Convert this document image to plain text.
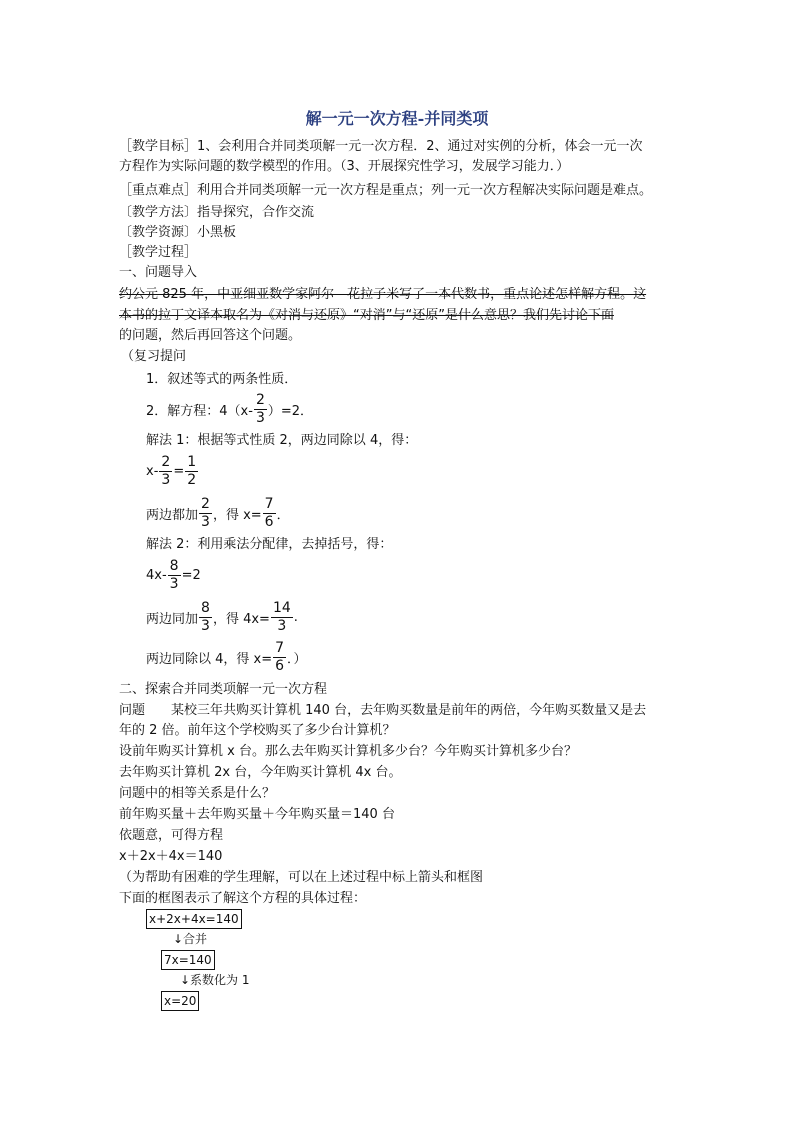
解一元一次方程-并同类项
［教学目标］1、会利用合并同类项解一元一次方程．2、通过对实例的分析，体会一元一次
方程作为实际问题的数学模型的作用。（3、开展探究性学习，发展学习能力．）
［重点难点］利用合并同类项解一元一次方程是重点；列一元一次方程解决实际问题是难点。
〔教学方法〕指导探究，合作交流
〔教学资源〕小黑板
［教学过程］
一、问题导入
约公元 825 年，中亚细亚数学家阿尔—花拉子米写了一本代数书，重点论述怎样解方程。这
本书的拉丁文译本取名为《对消与还原》“对消”与“还原”是什么意思？我们先讨论下面
的问题，然后再回答这个问题。
（复习提问
1．叙述等式的两条性质．
2．解方程：$4(x- \frac{2}{3} )=2$．
解法 1：根据等式性质 2，两边同除以 4，得：
$x- \frac{2}{3} = \frac{1}{2}$
两边都加 $\frac{2}{3}$ ，得 $x= \frac{7}{6}$ ．
解法 2：利用乘法分配律，去掉括号，得：
$4x- \frac{8}{3} =2$
两边同加 $\frac{8}{3}$ ，得 $4x= \frac{14}{3}$ .
两边同除以 4，得 $x= \frac{7}{6}$ ．）
二、探索合并同类项解一元一次方程
问题　　某校三年共购买计算机 140 台，去年购买数量是前年的两倍，今年购买数量又是去
年的 2 倍。前年这个学校购买了多少台计算机？
设前年购买计算机 x 台。那么去年购买计算机多少台？今年购买计算机多少台？
去年购买计算机 2x 台，今年购买计算机 4x 台。
问题中的相等关系是什么？
前年购买量＋去年购买量＋今年购买量＝140 台
依题意，可得方程
x＋2x＋4x＝140
（为帮助有困难的学生理解，可以在上述过程中标上箭头和框图
下面的框图表示了解这个方程的具体过程：
x+2x+4x=140
↓合并
7x=140
↓系数化为 1
x=20
